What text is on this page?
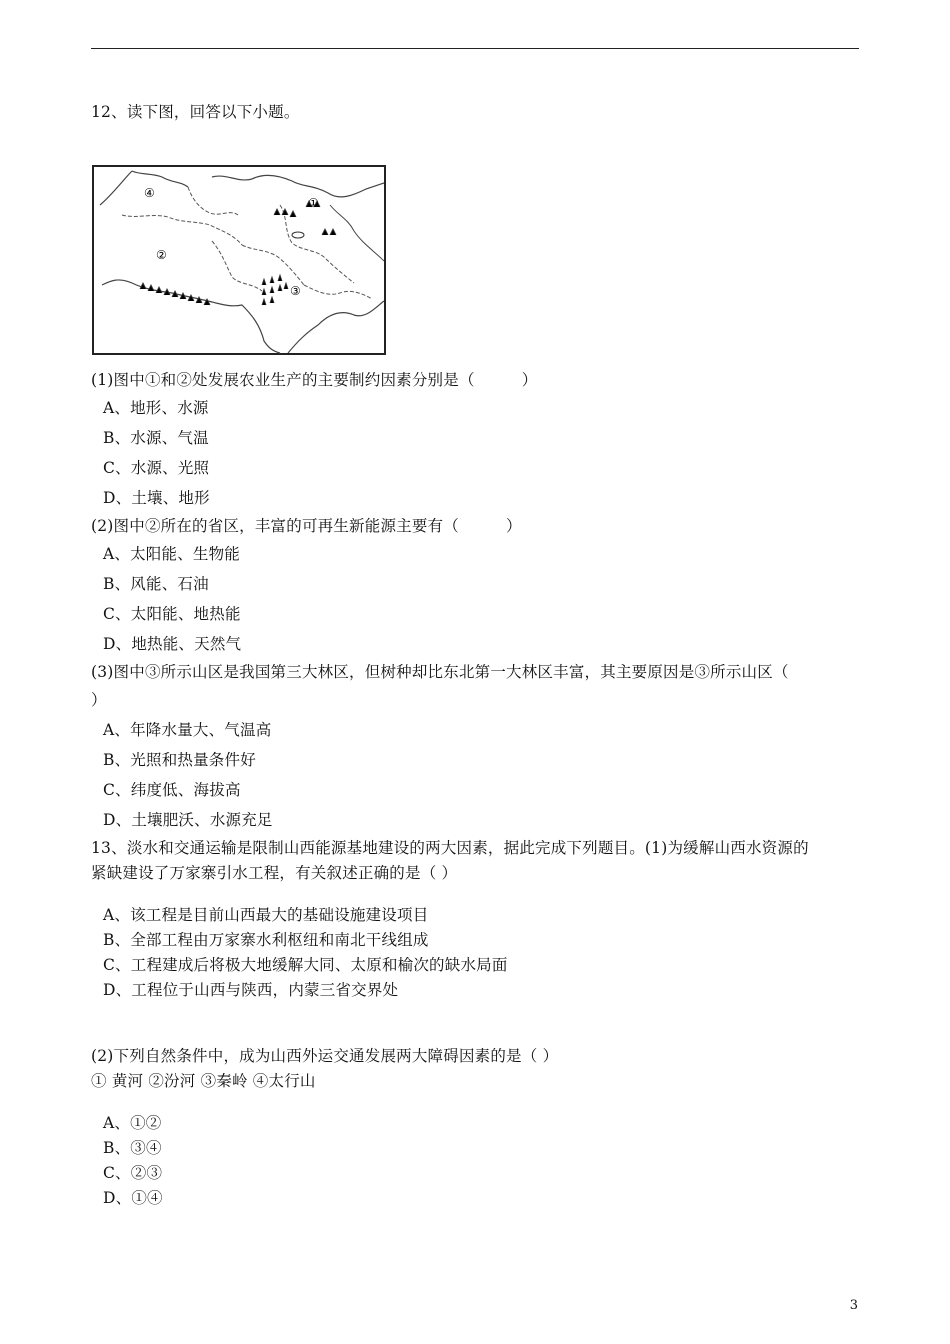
12、读下图，回答以下小题。
④
②
①
③
(1)图中①和②处发展农业生产的主要制约因素分别是（　　　）
A、地形、水源
B、水源、气温
C、水源、光照
D、土壤、地形
(2)图中②所在的省区，丰富的可再生新能源主要有（　　　）
A、太阳能、生物能
B、风能、石油
C、太阳能、地热能
D、地热能、天然气
(3)图中③所示山区是我国第三大林区，但树种却比东北第一大林区丰富，其主要原因是③所示山区（
）
A、年降水量大、气温高
B、光照和热量条件好
C、纬度低、海拔高
D、土壤肥沃、水源充足
13、淡水和交通运输是限制山西能源基地建设的两大因素，据此完成下列题目。(1)为缓解山西水资源的
紧缺建设了万家寨引水工程，有关叙述正确的是（ ）
A、该工程是目前山西最大的基础设施建设项目
B、全部工程由万家寨水利枢纽和南北干线组成
C、工程建成后将极大地缓解大同、太原和榆次的缺水局面
D、工程位于山西与陕西，内蒙三省交界处
(2)下列自然条件中，成为山西外运交通发展两大障碍因素的是（ ）
① 黄河 ②汾河 ③秦岭 ④太行山
A、①②
B、③④
C、②③
D、①④
3
